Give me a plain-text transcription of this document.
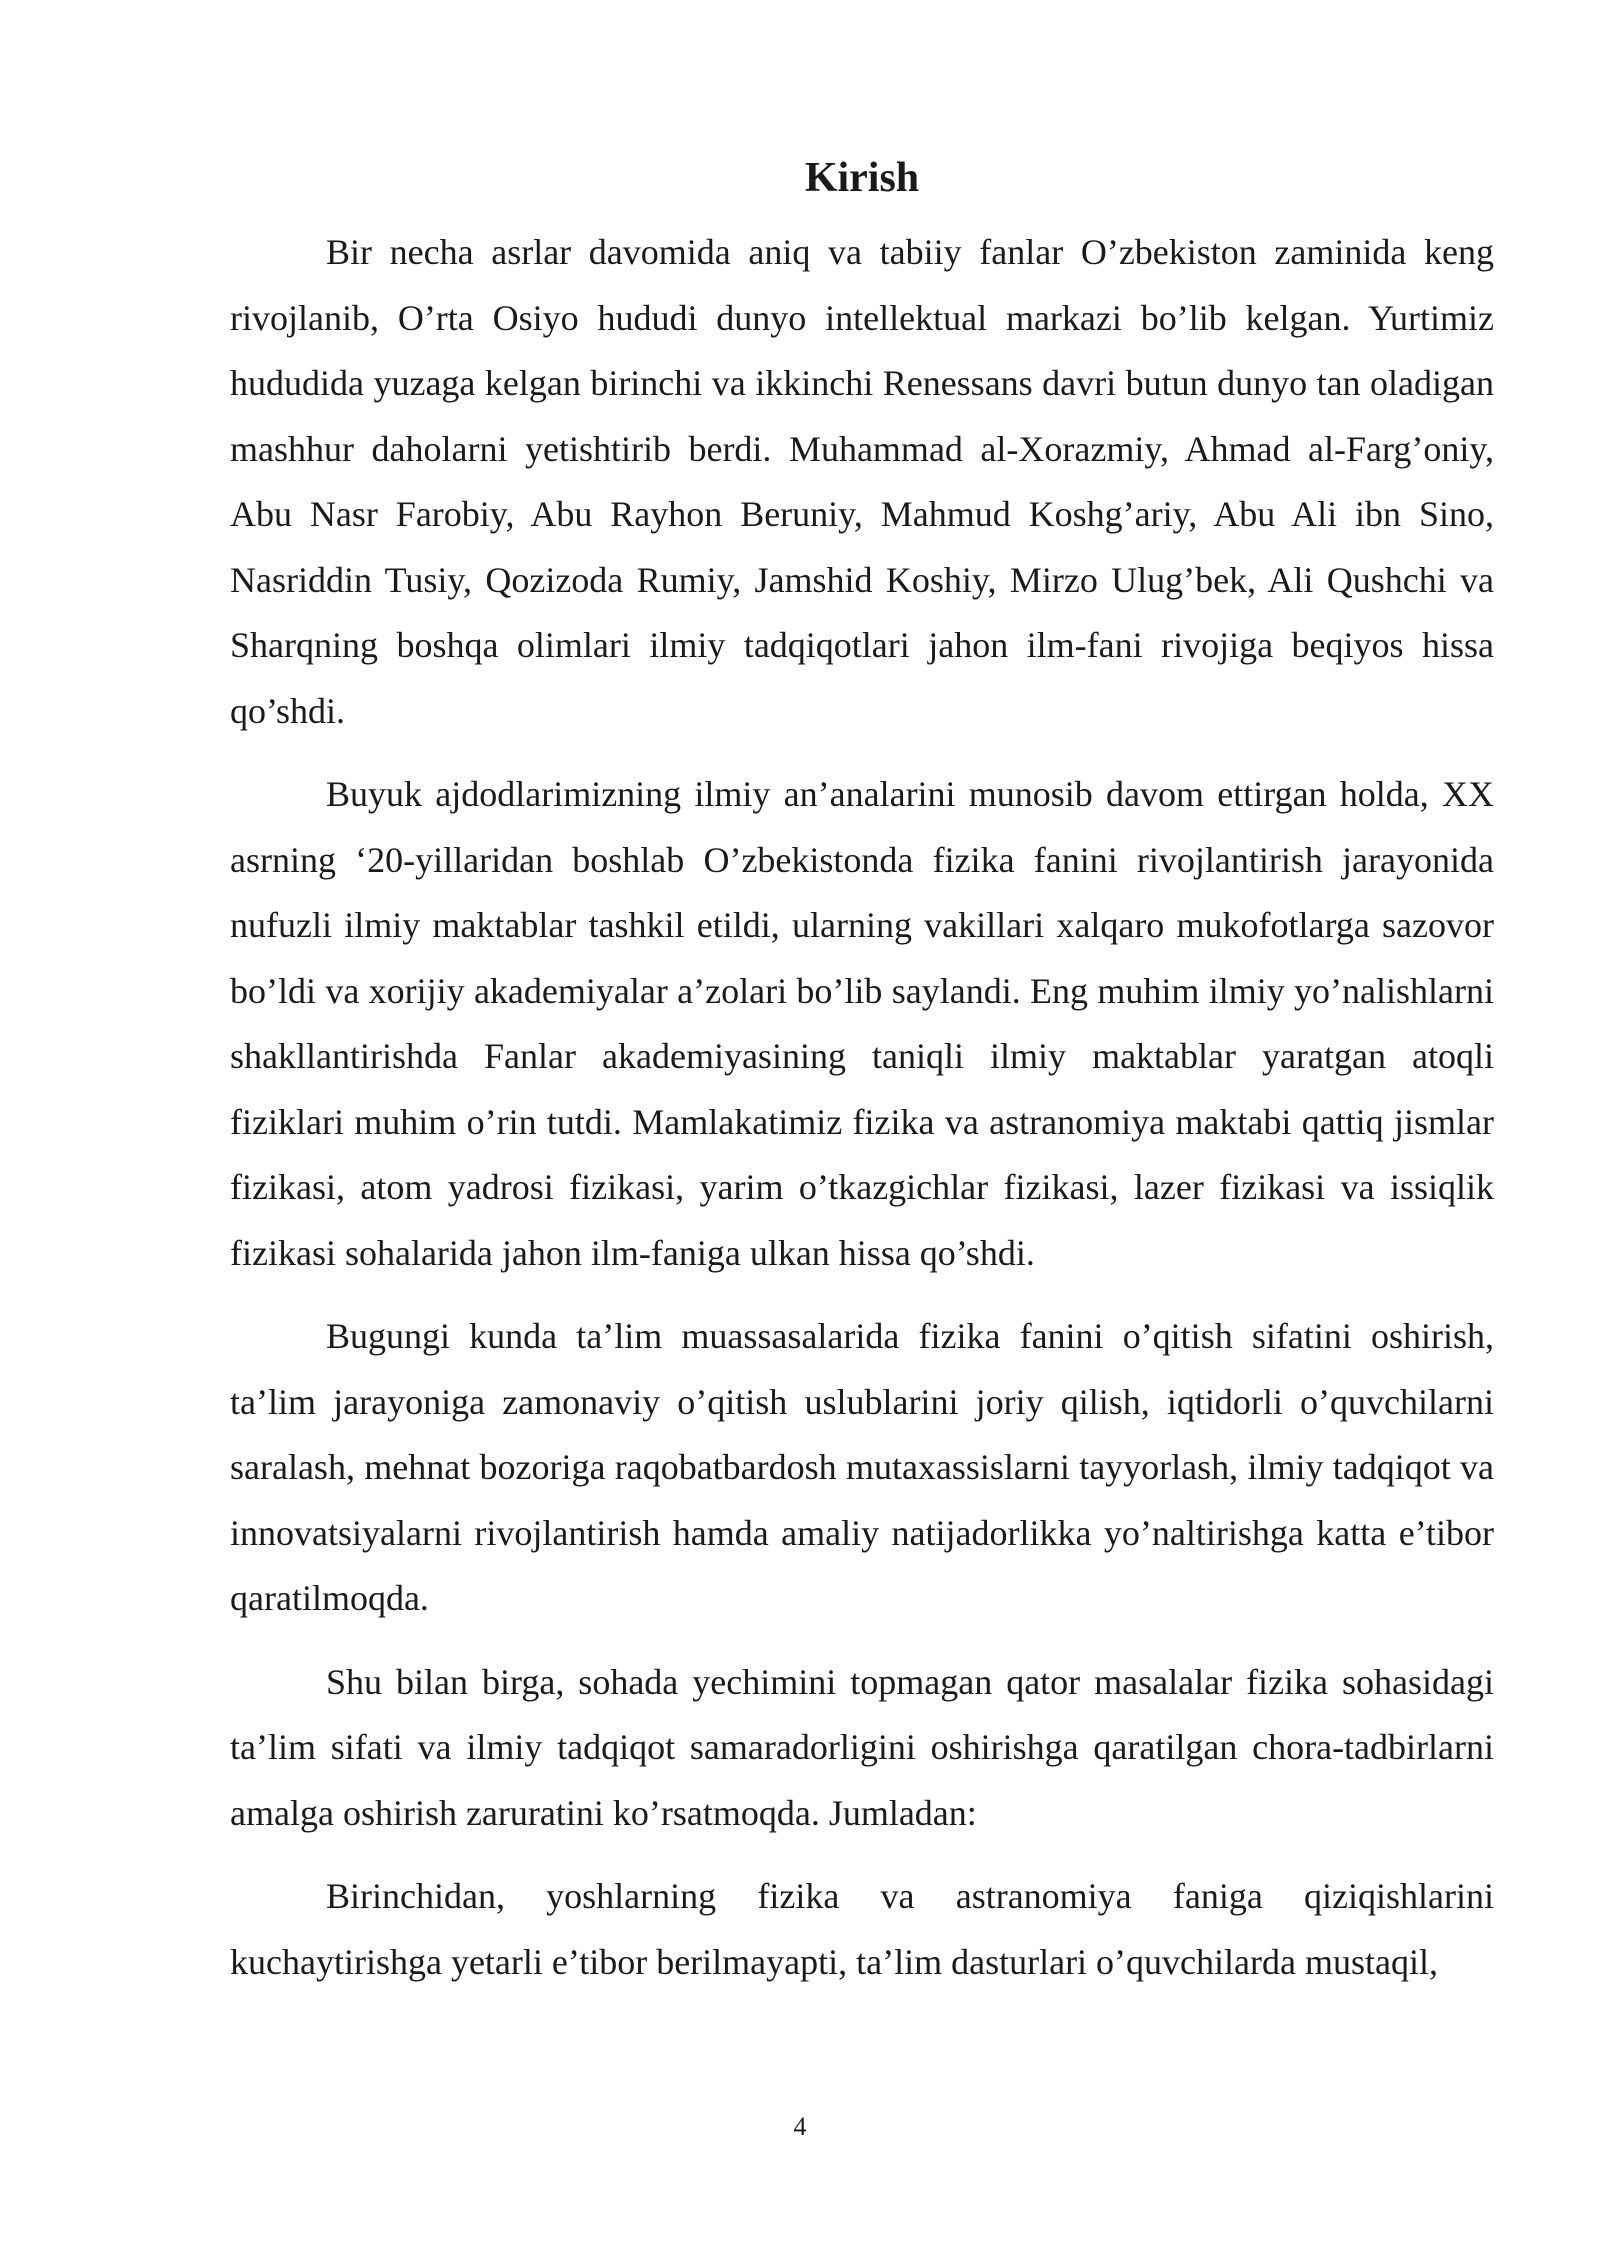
Kirish

Bir necha asrlar davomida aniq va tabiiy fanlar O’zbekiston zaminida keng rivojlanib, O’rta Osiyo hududi dunyo intellektual markazi bo’lib kelgan. Yurtimiz hududida yuzaga kelgan birinchi va ikkinchi Renessans davri butun dunyo tan oladigan mashhur daholarni yetishtirib berdi. Muhammad al-Xorazmiy, Ahmad al-Farg’oniy, Abu Nasr Farobiy, Abu Rayhon Beruniy, Mahmud Koshg’ariy, Abu Ali ibn Sino, Nasriddin Tusiy, Qozizoda Rumiy, Jamshid Koshiy, Mirzo Ulug’bek, Ali Qushchi va Sharqning boshqa olimlari ilmiy tadqiqotlari jahon ilm-fani rivojiga beqiyos hissa qo’shdi.

Buyuk ajdodlarimizning ilmiy an’analarini munosib davom ettirgan holda, XX asrning ‘20-yillaridan boshlab O’zbekistonda fizika fanini rivojlantirish jarayonida nufuzli ilmiy maktablar tashkil etildi, ularning vakillari xalqaro mukofotlarga sazovor bo’ldi va xorijiy akademiyalar a’zolari bo’lib saylandi. Eng muhim ilmiy yo’nalishlarni shakllantirishda Fanlar akademiyasining taniqli ilmiy maktablar yaratgan atoqli fiziklari muhim o’rin tutdi. Mamlakatimiz fizika va astranomiya maktabi qattiq jismlar fizikasi, atom yadrosi fizikasi, yarim o’tkazgichlar fizikasi, lazer fizikasi va issiqlik fizikasi sohalarida jahon ilm-faniga ulkan hissa qo’shdi.

Bugungi kunda ta’lim muassasalarida fizika fanini o’qitish sifatini oshirish, ta’lim jarayoniga zamonaviy o’qitish uslublarini joriy qilish, iqtidorli o’quvchilarni saralash, mehnat bozoriga raqobatbardosh mutaxassislarni tayyorlash, ilmiy tadqiqot va innovatsiyalarni rivojlantirish hamda amaliy natijadorlikka yo’naltirishga katta e’tibor qaratilmoqda.

Shu bilan birga, sohada yechimini topmagan qator masalalar fizika sohasidagi ta’lim sifati va ilmiy tadqiqot samaradorligini oshirishga qaratilgan chora-tadbirlarni amalga oshirish zaruratini ko’rsatmoqda. Jumladan:

Birinchidan, yoshlarning fizika va astranomiya faniga qiziqishlarini kuchaytirishga yetarli e’tibor berilmayapti, ta’lim dasturlari o’quvchilarda mustaqil,

4
